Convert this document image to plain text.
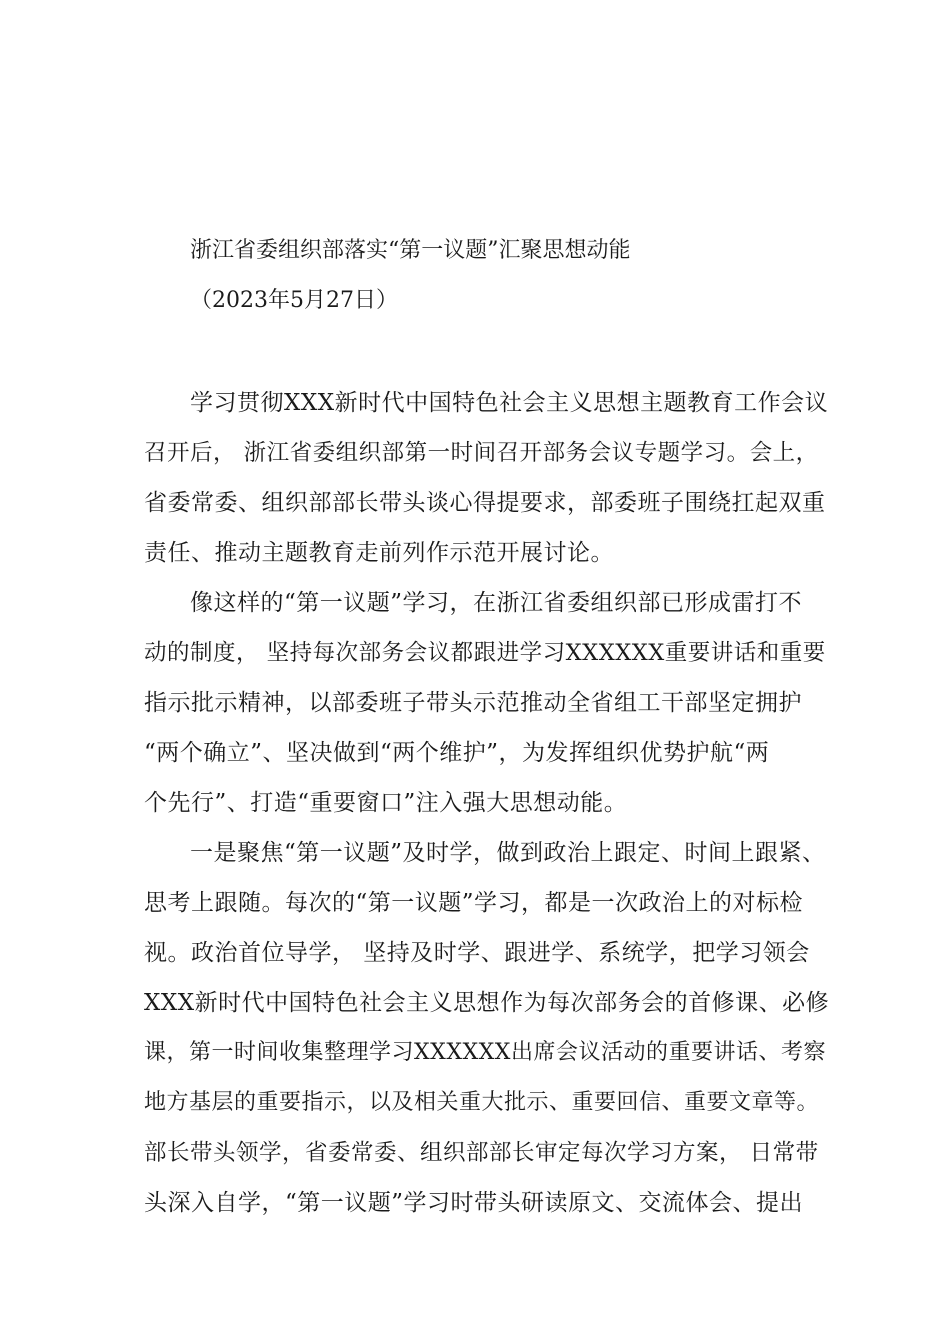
浙江省委组织部落实“第一议题”汇聚思想动能
（2023年5月27日）
学习贯彻XXX新时代中国特色社会主义思想主题教育工作会议
召开后， 浙江省委组织部第一时间召开部务会议专题学习。会上，
省委常委、组织部部长带头谈心得提要求，部委班子围绕扛起双重
责任、推动主题教育走前列作示范开展讨论。
像这样的“第一议题”学习，在浙江省委组织部已形成雷打不
动的制度， 坚持每次部务会议都跟进学习XXXXXX重要讲话和重要
指示批示精神，以部委班子带头示范推动全省组工干部坚定拥护
“两个确立”、坚决做到“两个维护”，为发挥组织优势护航“两
个先行”、打造“重要窗口”注入强大思想动能。
一是聚焦“第一议题”及时学，做到政治上跟定、时间上跟紧、
思考上跟随。每次的“第一议题”学习，都是一次政治上的对标检
视。政治首位导学， 坚持及时学、跟进学、系统学，把学习领会
XXX新时代中国特色社会主义思想作为每次部务会的首修课、必修
课，第一时间收集整理学习XXXXXX出席会议活动的重要讲话、考察
地方基层的重要指示，以及相关重大批示、重要回信、重要文章等。
部长带头领学，省委常委、组织部部长审定每次学习方案， 日常带
头深入自学，“第一议题”学习时带头研读原文、交流体会、提出
